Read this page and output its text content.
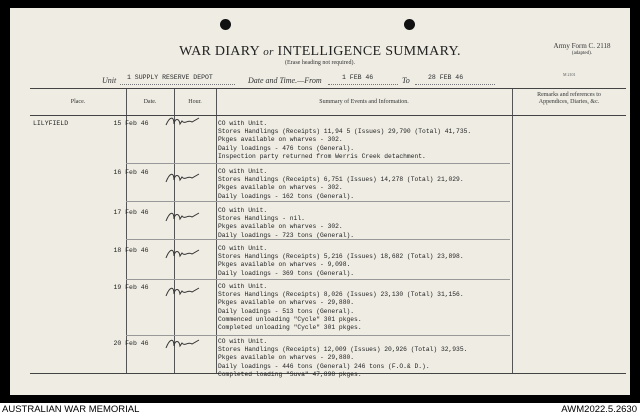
WAR DIARY or INTELLIGENCE SUMMARY.
(Erase heading not required).
Army Form C. 2118
(adapted).
M 2101
Unit 1 SUPPLY RESERVE DEPOT	Date and Time.—From	1 FEB 46	To	28 FEB 46
Place.	Date.	Hour.	Summary of Events and Information.
Remarks and references to
Appendices, Diaries, &c.
LILYFIELD	15 Feb 46	CO with Unit.
Stores Handlings (Receipts) 11,94 5 (Issues) 29,790 (Total) 41,735.
Pkges available on wharves - 302.
Daily loadings - 476 tons (General).
Inspection party returned from Werris Creek detachment.
16 Feb 46	CO with Unit.
Stores Handlings (Receipts) 6,751 (Issues) 14,278 (Total) 21,029.
Pkges available on wharves - 302.
Daily loadings - 162 tons (General).
17 Feb 46	CO with Unit.
Stores Handlings - nil.
Pkges available on wharves - 302.
Daily loadings - 723 tons (General).
18 Feb 46	CO with Unit.
Stores Handlings (Receipts) 5,216 (Issues) 18,682 (Total) 23,898.
Pkges available on wharves - 9,098.
Daily loadings - 369 tons (General).
19 Feb 46	CO with Unit.
Stores Handlings (Receipts) 8,026 (Issues) 23,130 (Total) 31,156.
Pkges available on wharves - 29,880.
Daily loadings - 513 tons (General).
Commenced unloading "Cycle" 301 pkges.
Completed unloading "Cycle" 301 pkges.
20 Feb 46	CO with Unit.
Stores Handlings (Receipts) 12,009 (Issues) 20,926 (Total) 32,935.
Pkges available on wharves - 29,880.
Daily loadings - 446 tons (General) 246 tons (F.O.& D.).
Completed loading "Suva" 47,898 pkges.
AUSTRALIAN WAR MEMORIAL	AWM2022.5.2630
